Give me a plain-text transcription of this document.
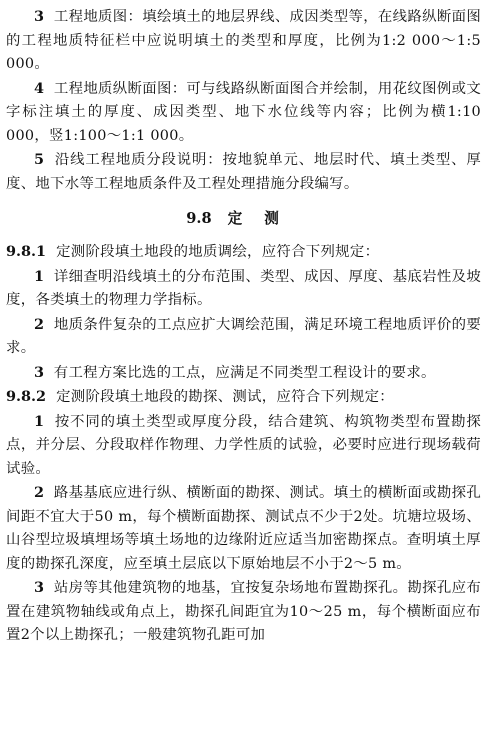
3 工程地质图：填绘填土的地层界线、成因类型等，在线路纵断面图的工程地质特征栏中应说明填土的类型和厚度，比例为1:2 000～1:5 000。

4 工程地质纵断面图：可与线路纵断面图合并绘制，用花纹图例或文字标注填土的厚度、成因类型、地下水位线等内容；比例为横1:10 000，竖1:100～1:1 000。

5 沿线工程地质分段说明：按地貌单元、地层时代、填土类型、厚度、地下水等工程地质条件及工程处理措施分段编写。

9.8 定测

9.8.1 定测阶段填土地段的地质调绘，应符合下列规定：

1 详细查明沿线填土的分布范围、类型、成因、厚度、基底岩性及坡度，各类填土的物理力学指标。

2 地质条件复杂的工点应扩大调绘范围，满足环境工程地质评价的要求。

3 有工程方案比选的工点，应满足不同类型工程设计的要求。

9.8.2 定测阶段填土地段的勘探、测试，应符合下列规定：

1 按不同的填土类型或厚度分段，结合建筑、构筑物类型布置勘探点，并分层、分段取样作物理、力学性质的试验，必要时应进行现场载荷试验。

2 路基基底应进行纵、横断面的勘探、测试。填土的横断面或勘探孔间距不宜大于50 m，每个横断面勘探、测试点不少于2处。坑塘垃圾场、山谷型垃圾填埋场等填土场地的边缘附近应适当加密勘探点。查明填土厚度的勘探孔深度，应至填土层底以下原始地层不小于2～5 m。

3 站房等其他建筑物的地基，宜按复杂场地布置勘探孔。勘探孔应布置在建筑物轴线或角点上，勘探孔间距宜为10～25 m，每个横断面应布置2个以上勘探孔；一般建筑物孔距可加
